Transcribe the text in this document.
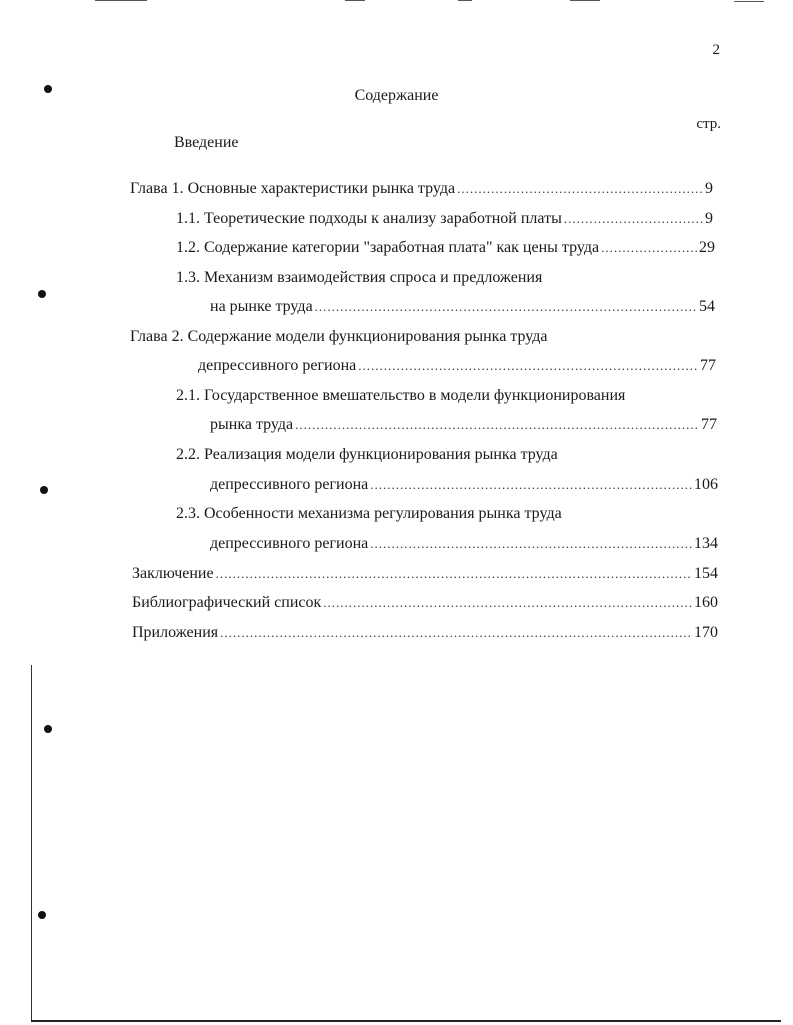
2
Содержание
стр.
Введение
Глава 1. Основные характеристики рынка труда .....	9
1.1. Теоретические подходы к анализу заработной платы .....	9
1.2. Содержание категории "заработная плата" как цены труда .....	29
1.3. Механизм взаимодействия спроса и предложения
на рынке труда .....	54
Глава 2. Содержание модели функционирования рынка труда
депрессивного региона .....	77
2.1. Государственное вмешательство в модели функционирования
рынка труда .....	77
2.2. Реализация модели функционирования рынка труда
депрессивного региона .....	106
2.3. Особенности механизма регулирования рынка труда
депрессивного региона .....	134
Заключение .....	154
Библиографический список .....	160
Приложения .....	170
